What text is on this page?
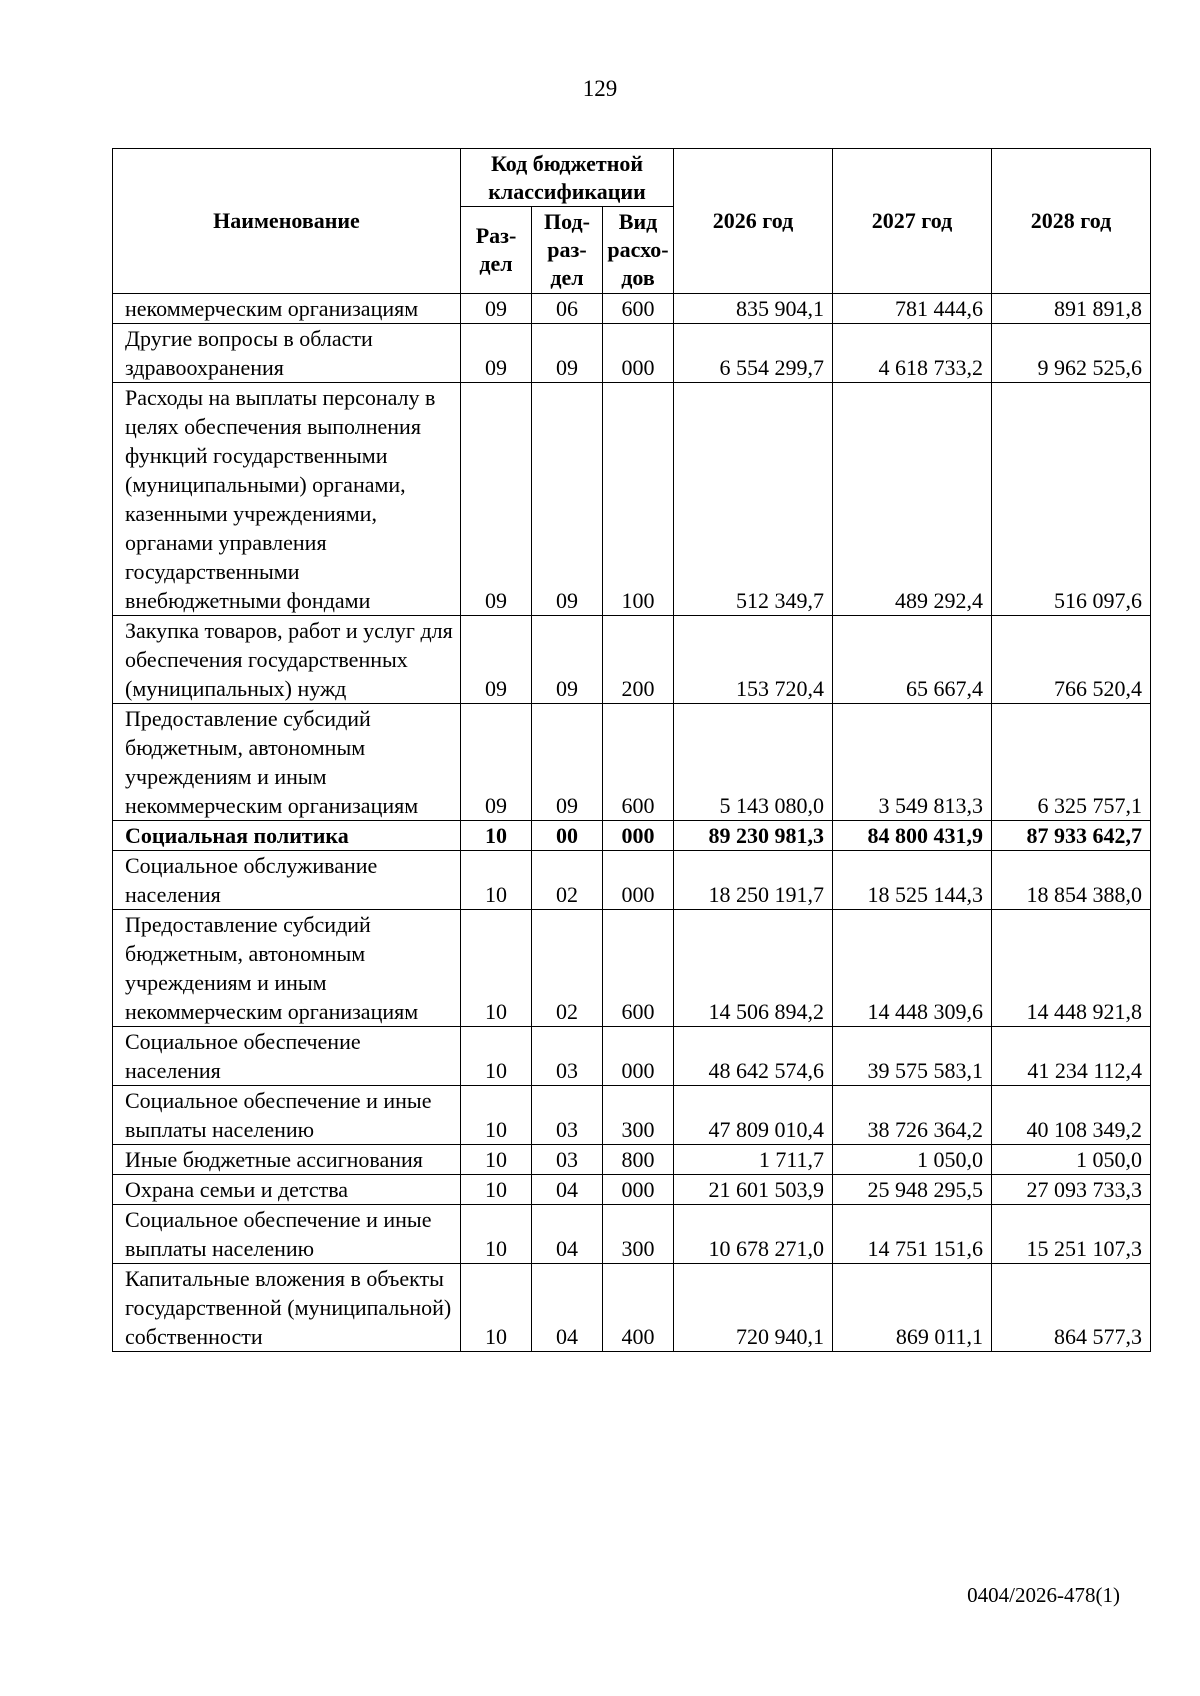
129
Наименование	Код бюджетной классификации			2026 год	2027 год	2028 год
	Раз-дел	Под-раз-дел	Вид расхо-дов			
некоммерческим организациям	09	06	600	835 904,1	781 444,6	891 891,8
Другие вопросы в области здравоохранения	09	09	000	6 554 299,7	4 618 733,2	9 962 525,6
Расходы на выплаты персоналу в целях обеспечения выполнения функций государственными (муниципальными) органами, казенными учреждениями, органами управления государственными внебюджетными фондами	09	09	100	512 349,7	489 292,4	516 097,6
Закупка товаров, работ и услуг для обеспечения государственных (муниципальных) нужд	09	09	200	153 720,4	65 667,4	766 520,4
Предоставление субсидий бюджетным, автономным учреждениям и иным некоммерческим организациям	09	09	600	5 143 080,0	3 549 813,3	6 325 757,1
Социальная политика	10	00	000	89 230 981,3	84 800 431,9	87 933 642,7
Социальное обслуживание населения	10	02	000	18 250 191,7	18 525 144,3	18 854 388,0
Предоставление субсидий бюджетным, автономным учреждениям и иным некоммерческим организациям	10	02	600	14 506 894,2	14 448 309,6	14 448 921,8
Социальное обеспечение населения	10	03	000	48 642 574,6	39 575 583,1	41 234 112,4
Социальное обеспечение и иные выплаты населению	10	03	300	47 809 010,4	38 726 364,2	40 108 349,2
Иные бюджетные ассигнования	10	03	800	1 711,7	1 050,0	1 050,0
Охрана семьи и детства	10	04	000	21 601 503,9	25 948 295,5	27 093 733,3
Социальное обеспечение и иные выплаты населению	10	04	300	10 678 271,0	14 751 151,6	15 251 107,3
Капитальные вложения в объекты государственной (муниципальной) собственности	10	04	400	720 940,1	869 011,1	864 577,3
0404/2026-478(1)
